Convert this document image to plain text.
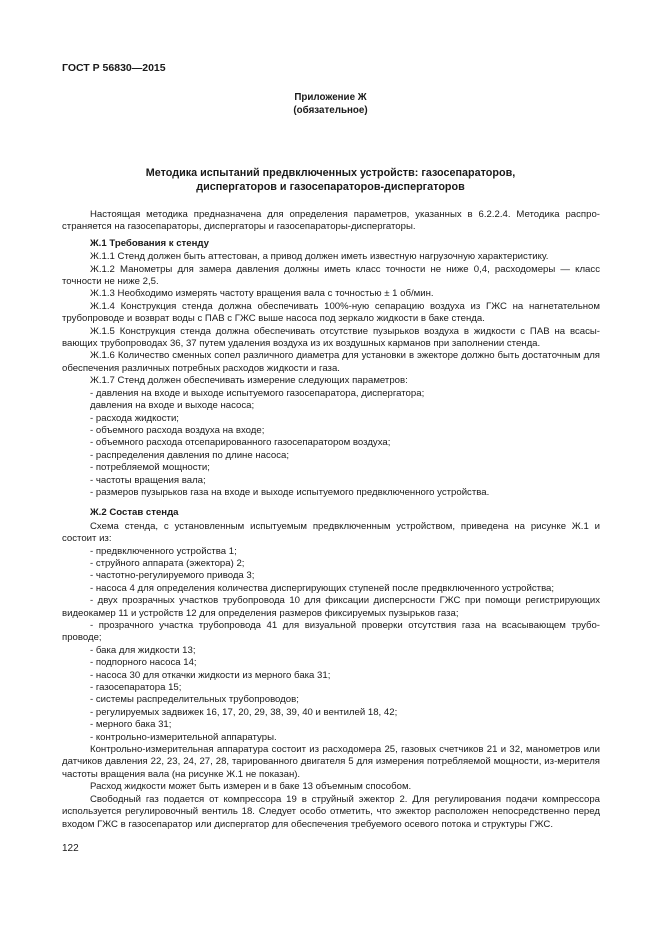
ГОСТ Р 56830—2015
Приложение Ж
(обязательное)
Методика испытаний предвключенных устройств: газосепараторов,
диспергаторов и газосепараторов-диспергаторов

Настоящая методика предназначена для определения параметров, указанных в 6.2.2.4. Методика распро- страняется на газосепараторы, диспергаторы и газосепараторы-диспергаторы.

Ж.1 Требования к стенду

Ж.1.1 Стенд должен быть аттестован, а привод должен иметь известную нагрузочную характеристику.

Ж.1.2 Манометры для замера давления должны иметь класс точности не ниже 0,4, расходомеры — класс точности не ниже 2,5.

Ж.1.3 Необходимо измерять частоту вращения вала с точностью ± 1 об/мин.

Ж.1.4 Конструкция стенда должна обеспечивать 100%-ную сепарацию воздуха из ГЖС на нагнетательном трубопроводе и возврат воды с ПАВ с ГЖС выше насоса под зеркало жидкости в баке стенда.

Ж.1.5 Конструкция стенда должна обеспечивать отсутствие пузырьков воздуха в жидкости с ПАВ на всасы- вающих трубопроводах 36, 37 путем удаления воздуха из их воздушных карманов при заполнении стенда.

Ж.1.6 Количество сменных сопел различного диаметра для установки в эжекторе должно быть достаточным для обеспечения различных потребных расходов жидкости и газа.

Ж.1.7 Стенд должен обеспечивать измерение следующих параметров:

- давления на входе и выходе испытуемого газосепаратора, диспергатора;

давления на входе и выходе насоса;

- расхода жидкости;

- объемного расхода воздуха на входе;

- объемного расхода отсепарированного газосепаратором воздуха;

- распределения давления по длине насоса;

- потребляемой мощности;

- частоты вращения вала;

- размеров пузырьков газа на входе и выходе испытуемого предвключенного устройства.

Ж.2 Состав стенда

Схема стенда, с установленным испытуемым предвключенным устройством, приведена на рисунке Ж.1 и состоит из:

- предвключенного устройства 1;

- струйного аппарата (эжектора) 2;

- частотно-регулируемого привода 3;

- насоса 4 для определения количества диспергирующих ступеней после предвключенного устройства;

- двух прозрачных участков трубопровода 10 для фиксации дисперсности ГЖС при помощи регистрирующих видеокамер 11 и устройств 12 для определения размеров фиксируемых пузырьков газа;

- прозрачного участка трубопровода 41 для визуальной проверки отсутствия газа на всасывающем трубо-проводе;

- бака для жидкости 13;

- подпорного насоса 14;

- насоса 30 для откачки жидкости из мерного бака 31;

- газосепаратора 15;

- системы распределительных трубопроводов;

- регулируемых задвижек 16, 17, 20, 29, 38, 39, 40 и вентилей 18, 42;

- мерного бака 31;

- контрольно-измерительной аппаратуры.

Контрольно-измерительная аппаратура состоит из расходомера 25, газовых счетчиков 21 и 32, манометров или датчиков давления 22, 23, 24, 27, 28, тарированного двигателя 5 для измерения потребляемой мощности, из-мерителя частоты вращения вала (на рисунке Ж.1 не показан).

Расход жидкости может быть измерен и в баке 13 объемным способом.

Свободный газ подается от компрессора 19 в струйный эжектор 2. Для регулирования подачи компрессора используется регулировочный вентиль 18. Следует особо отметить, что эжектор расположен непосредственно перед входом ГЖС в газосепаратор или диспергатор для обеспечения требуемого осевого потока и структуры ГЖС.

122
